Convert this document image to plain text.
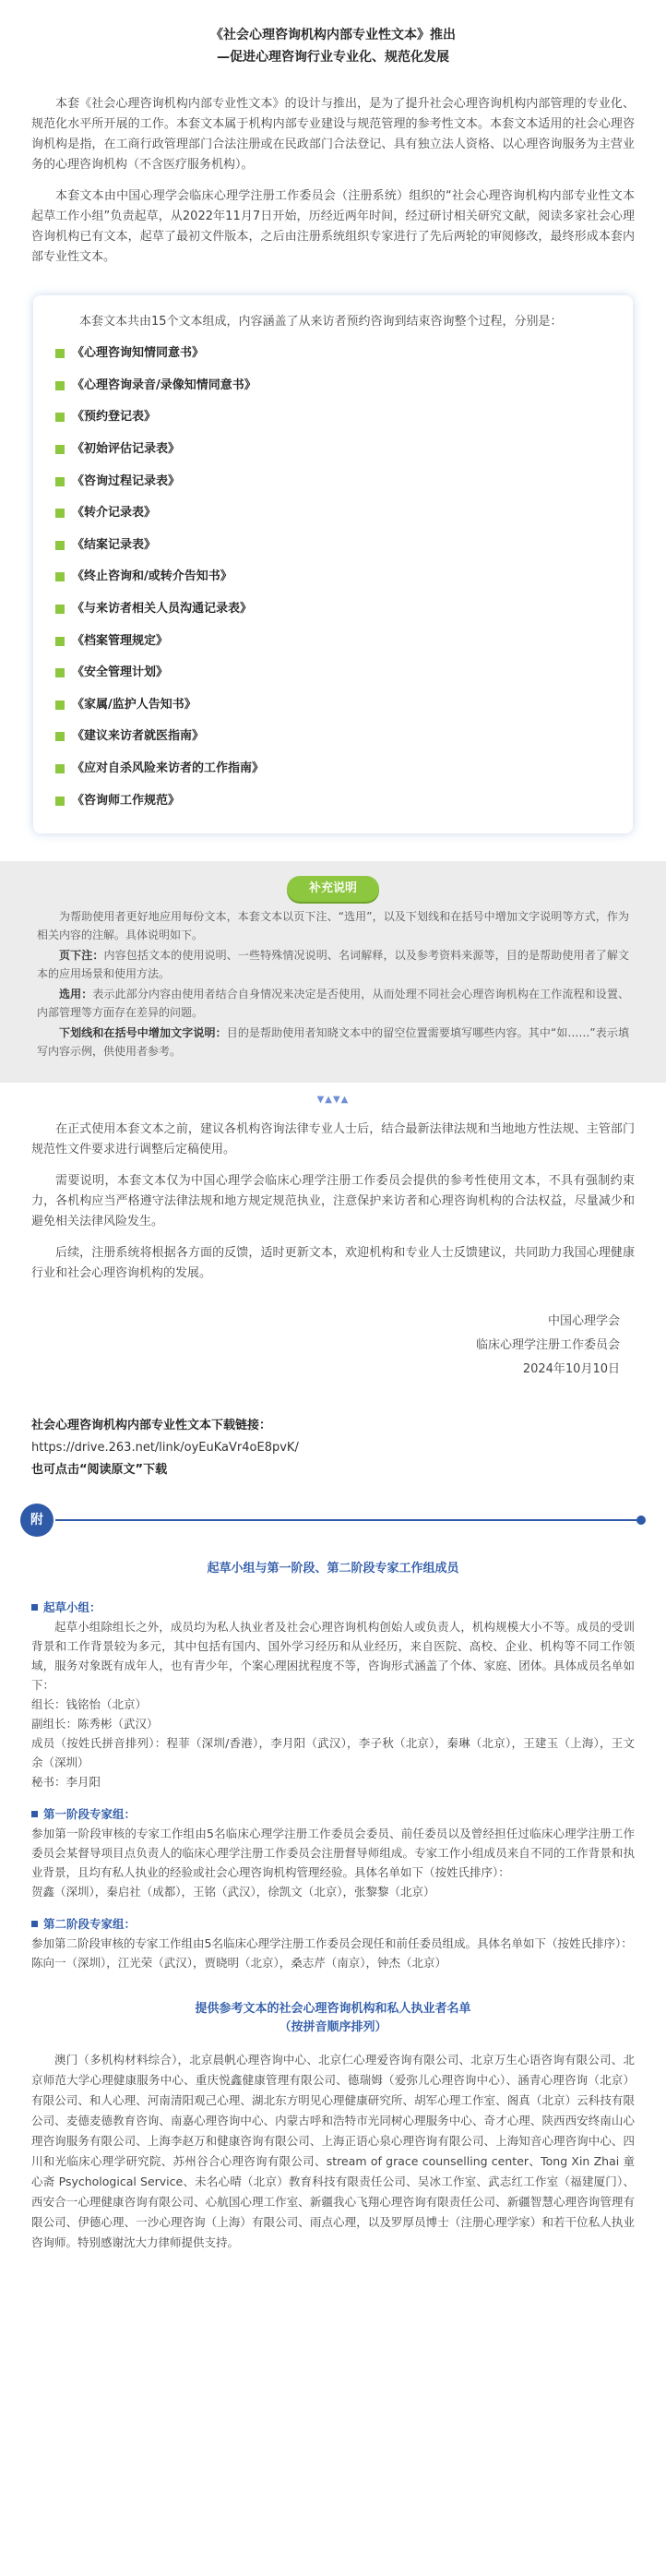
《社会心理咨询机构内部专业性文本》推出
—促进心理咨询行业专业化、规范化发展

本套《社会心理咨询机构内部专业性文本》的设计与推出，是为了提升社会心理咨询机构内部管理的专业化、规范化水平所开展的工作。本套文本属于机构内部专业建设与规范管理的参考性文本。本套文本适用的社会心理咨询机构是指，在工商行政管理部门合法注册或在民政部门合法登记、具有独立法人资格、以心理咨询服务为主营业务的心理咨询机构（不含医疗服务机构）。

本套文本由中国心理学会临床心理学注册工作委员会（注册系统）组织的“社会心理咨询机构内部专业性文本起草工作小组”负责起草，从2022年11月7日开始，历经近两年时间，经过研讨相关研究文献，阅读多家社会心理咨询机构已有文本，起草了最初文件版本，之后由注册系统组织专家进行了先后两轮的审阅修改，最终形成本套内部专业性文本。

本套文本共由15个文本组成，内容涵盖了从来访者预约咨询到结束咨询整个过程，分别是：

《心理咨询知情同意书》
《心理咨询录音/录像知情同意书》
《预约登记表》
《初始评估记录表》
《咨询过程记录表》
《转介记录表》
《结案记录表》
《终止咨询和/或转介告知书》
《与来访者相关人员沟通记录表》
《档案管理规定》
《安全管理计划》
《家属/监护人告知书》
《建议来访者就医指南》
《应对自杀风险来访者的工作指南》
《咨询师工作规范》
补充说明

为帮助使用者更好地应用每份文本，本套文本以页下注、“选用”，以及下划线和在括号中增加文字说明等方式，作为相关内容的注解。具体说明如下。

页下注：内容包括文本的使用说明、一些特殊情况说明、名词解释，以及参考资料来源等，目的是帮助使用者了解文本的应用场景和使用方法。

选用：表示此部分内容由使用者结合自身情况来决定是否使用，从而处理不同社会心理咨询机构在工作流程和设置、内部管理等方面存在差异的问题。

下划线和在括号中增加文字说明：目的是帮助使用者知晓文本中的留空位置需要填写哪些内容。其中“如……”表示填写内容示例，供使用者参考。

▼▲▼▲

在正式使用本套文本之前，建议各机构咨询法律专业人士后，结合最新法律法规和当地地方性法规、主管部门规范性文件要求进行调整后定稿使用。

需要说明，本套文本仅为中国心理学会临床心理学注册工作委员会提供的参考性使用文本，不具有强制约束力，各机构应当严格遵守法律法规和地方规定规范执业，注意保护来访者和心理咨询机构的合法权益，尽量减少和避免相关法律风险发生。

后续，注册系统将根据各方面的反馈，适时更新文本，欢迎机构和专业人士反馈建议，共同助力我国心理健康行业和社会心理咨询机构的发展。

中国心理学会
临床心理学注册工作委员会
2024年10月10日
社会心理咨询机构内部专业性文本下载链接：
https://drive.263.net/link/oyEuKaVr4oE8pvK/
也可点击“阅读原文”下载
附
起草小组与第一阶段、第二阶段专家工作组成员
起草小组：

起草小组除组长之外，成员均为私人执业者及社会心理咨询机构创始人或负责人，机构规模大小不等。成员的受训背景和工作背景较为多元，其中包括有国内、国外学习经历和从业经历，来自医院、高校、企业、机构等不同工作领域，服务对象既有成年人，也有青少年，个案心理困扰程度不等，咨询形式涵盖了个体、家庭、团体。具体成员名单如下：

组长：钱铭怡（北京）

副组长：陈秀彬（武汉）

成员（按姓氏拼音排列）：程菲（深圳/香港），李月阳（武汉），李子秋（北京），秦琳（北京），王建玉（上海），王文余（深圳）

秘书：李月阳

第一阶段专家组：

参加第一阶段审核的专家工作组由5名临床心理学注册工作委员会委员、前任委员以及曾经担任过临床心理学注册工作委员会某督导项目点负责人的临床心理学注册工作委员会注册督导师组成。专家工作小组成员来自不同的工作背景和执业背景，且均有私人执业的经验或社会心理咨询机构管理经验。具体名单如下（按姓氏排序）：

贺鑫（深圳），秦启社（成都），王铭（武汉），徐凯文（北京），张黎黎（北京）

第二阶段专家组：

参加第二阶段审核的专家工作组由5名临床心理学注册工作委员会现任和前任委员组成。具体名单如下（按姓氏排序）：

陈向一（深圳），江光荣（武汉），贾晓明（北京），桑志芹（南京），钟杰（北京）

提供参考文本的社会心理咨询机构和私人执业者名单
（按拼音顺序排列）

澳门（多机构材料综合），北京晨帆心理咨询中心、北京仁心理爱咨询有限公司、北京万生心语咨询有限公司、北京师范大学心理健康服务中心、重庆悦鑫健康管理有限公司、德瑞姆（爱弥儿心理咨询中心）、涵青心理咨询（北京）有限公司、和人心理、河南清阳观己心理、湖北东方明见心理健康研究所、胡军心理工作室、阁真（北京）云科技有限公司、麦德麦德教育咨询、南嘉心理咨询中心、内蒙古呼和浩特市光同树心理服务中心、奇才心理、陕西西安终南山心理咨询服务有限公司、上海李赵万和健康咨询有限公司、上海正语心泉心理咨询有限公司、上海知音心理咨询中心、四川和光临床心理学研究院、苏州谷合心理咨询有限公司、stream of grace counselling center、Tong Xin Zhai 童心斋 Psychological Service、未名心晴（北京）教育科技有限责任公司、吴冰工作室、武志红工作室（福建厦门）、西安合一心理健康咨询有限公司、心航国心理工作室、新疆我心飞翔心理咨询有限责任公司、新疆智慧心理咨询管理有限公司、伊德心理、一沙心理咨询（上海）有限公司、雨点心理，以及罗厚员博士（注册心理学家）和若干位私人执业咨询师。特别感谢沈大力律师提供支持。
